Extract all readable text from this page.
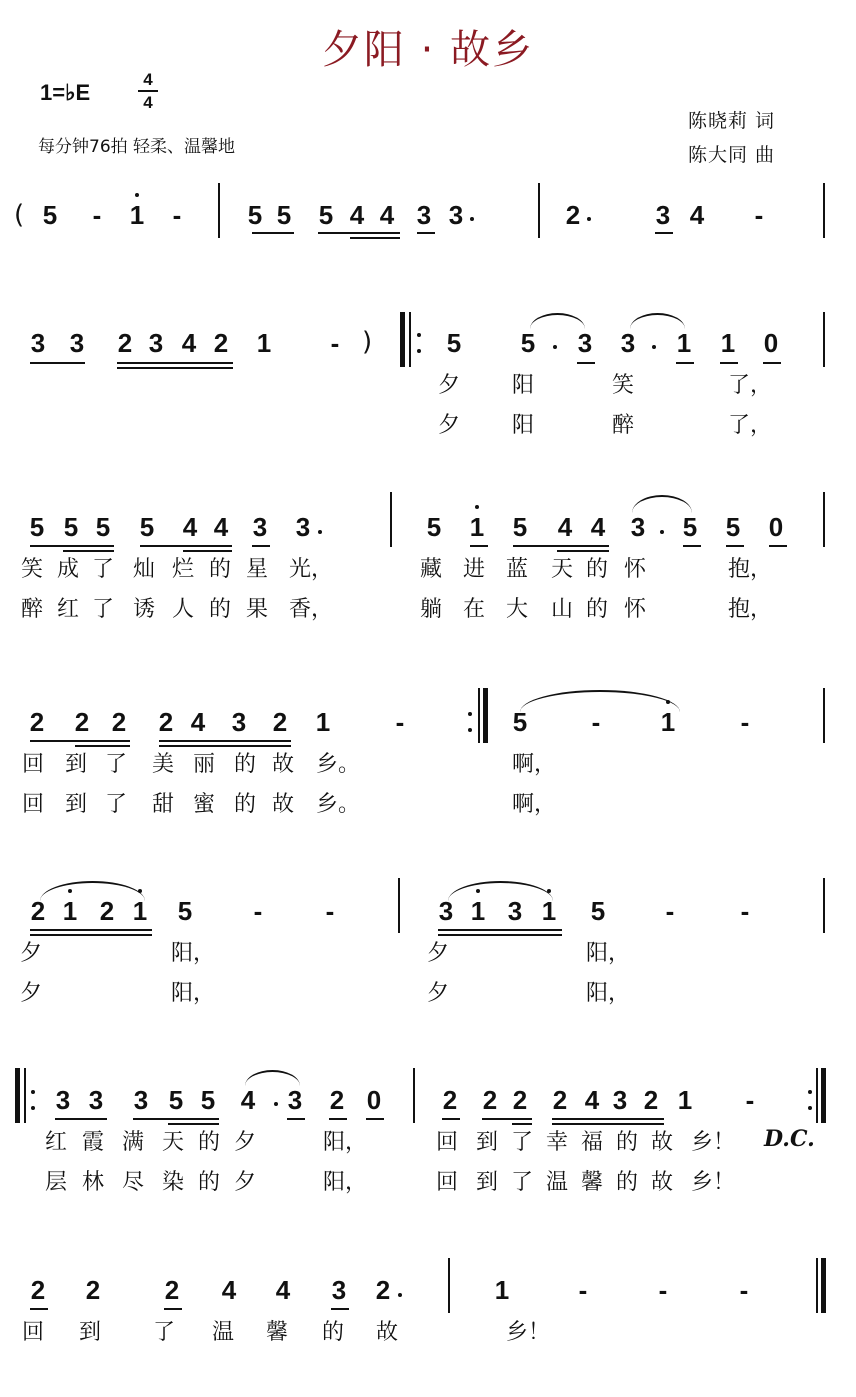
夕阳 · 故乡
1=♭E
4
4
每分钟76拍 轻柔、温馨地
陈晓莉 词
陈大同 曲
5 - 1 -	5 5 5 4 4 3 3	2	3 4 -
3 3 2 3 4 2 1 -	5 5 3 3 1 1 0
夕 阳	笑	了，
夕 阳	醉	了，
5 5 5 5 4 4 3 3	5 1 5 4 4 3 5 5 0
笑 成 了 灿 烂 的 星 光，	藏 进 蓝 天 的 怀	抱，
醉 红 了 诱 人 的 果 香，	躺 在 大 山 的 怀	抱，
2 2 2 2 4 3 2 1	-	5 - 1	-
回 到 了 美 丽 的 故 乡。	啊，
回 到 了 甜 蜜 的 故 乡。	啊，
2 1 2 1 5 - -	3 1 3 1 5 -	-
夕	阳，	夕	阳，
夕	阳，	夕	阳，
3 3 3 5 5 4 3 2 0 2 2 2 2 4 3 2 1 -
红 霞 满 天 的 夕	阳，	回 到 了 幸 福 的 故 乡！
层 林 尽 染 的 夕	阳，	回 到 了 温 馨 的 故 乡！
2 2 2 4 4 3 2	1	-	-	-
回 到 了 温 馨 的 故	乡！
(
)
D.C.
